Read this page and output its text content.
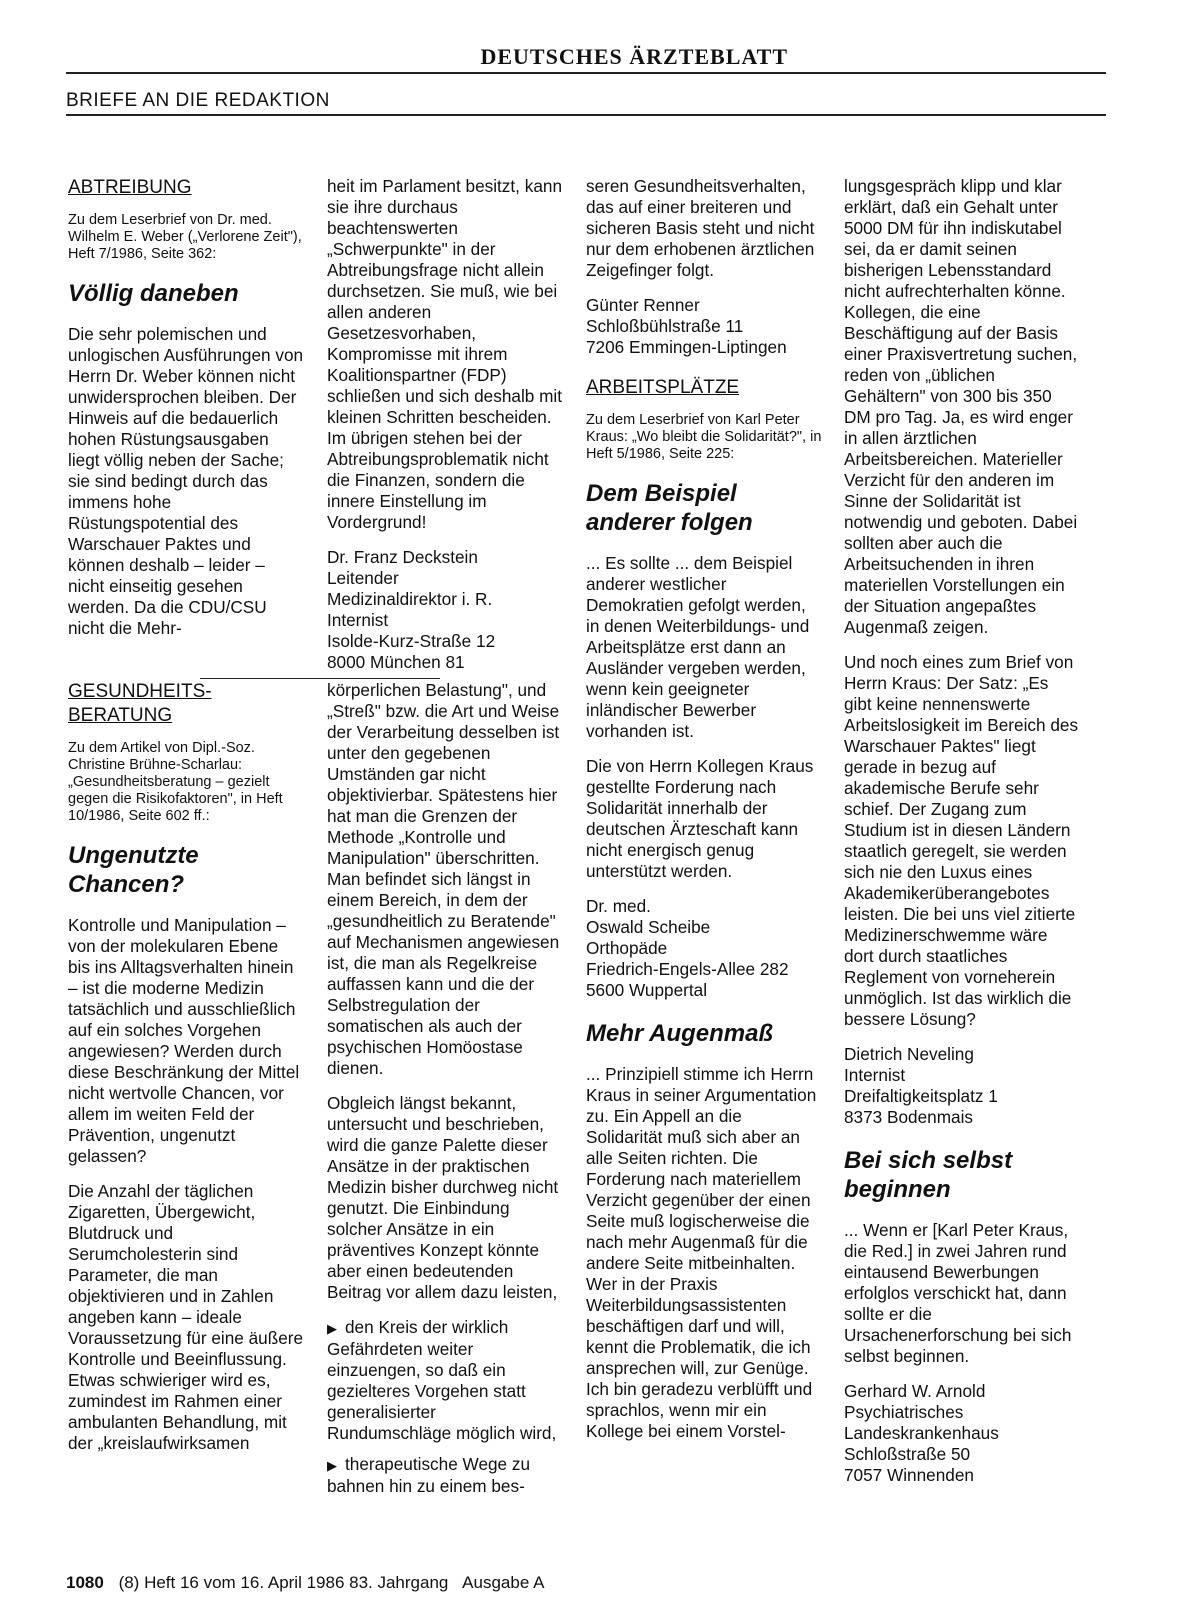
DEUTSCHES ÄRZTEBLATT
BRIEFE AN DIE REDAKTION
ABTREIBUNG
Zu dem Leserbrief von Dr. med. Wilhelm E. Weber („Verlorene Zeit"), Heft 7/1986, Seite 362:
Völlig daneben

Die sehr polemischen und unlogischen Ausführungen von Herrn Dr. Weber können nicht unwidersprochen bleiben. Der Hinweis auf die bedauerlich hohen Rüstungsausgaben liegt völlig neben der Sache; sie sind bedingt durch das immens hohe Rüstungspotential des Warschauer Paktes und können deshalb – leider – nicht einseitig gesehen werden. Da die CDU/CSU nicht die Mehr-

heit im Parlament besitzt, kann sie ihre durchaus beachtenswerten „Schwerpunkte" in der Abtreibungsfrage nicht allein durchsetzen. Sie muß, wie bei allen anderen Gesetzesvorhaben, Kompromisse mit ihrem Koalitionspartner (FDP) schließen und sich deshalb mit kleinen Schritten bescheiden. Im übrigen stehen bei der Abtreibungsproblematik nicht die Finanzen, sondern die innere Einstellung im Vordergrund!

Dr. Franz Deckstein
Leitender
Medizinaldirektor i. R.
Internist
Isolde-Kurz-Straße 12
8000 München 81
GESUNDHEITS-BERATUNG
Zu dem Artikel von Dipl.-Soz. Christine Brühne-Scharlau: „Gesundheitsberatung – gezielt gegen die Risikofaktoren", in Heft 10/1986, Seite 602 ff.:
Ungenutzte Chancen?

Kontrolle und Manipulation – von der molekularen Ebene bis ins Alltagsverhalten hinein – ist die moderne Medizin tatsächlich und ausschließlich auf ein solches Vorgehen angewiesen? Werden durch diese Beschränkung der Mittel nicht wertvolle Chancen, vor allem im weiten Feld der Prävention, ungenutzt gelassen?

Die Anzahl der täglichen Zigaretten, Übergewicht, Blutdruck und Serumcholesterin sind Parameter, die man objektivieren und in Zahlen angeben kann – ideale Voraussetzung für eine äußere Kontrolle und Beeinflussung. Etwas schwieriger wird es, zumindest im Rahmen einer ambulanten Behandlung, mit der „kreislaufwirksamen

körperlichen Belastung", und „Streß" bzw. die Art und Weise der Verarbeitung desselben ist unter den gegebenen Umständen gar nicht objektivierbar. Spätestens hier hat man die Grenzen der Methode „Kontrolle und Manipulation" überschritten. Man befindet sich längst in einem Bereich, in dem der „gesundheitlich zu Beratende" auf Mechanismen angewiesen ist, die man als Regelkreise auffassen kann und die der Selbstregulation der somatischen als auch der psychischen Homöostase dienen.

Obgleich längst bekannt, untersucht und beschrieben, wird die ganze Palette dieser Ansätze in der praktischen Medizin bisher durchweg nicht genutzt. Die Einbindung solcher Ansätze in ein präventives Konzept könnte aber einen bedeutenden Beitrag vor allem dazu leisten,

▶ den Kreis der wirklich Gefährdeten weiter einzuengen, so daß ein gezielteres Vorgehen statt generalisierter Rundumschläge möglich wird,

▶ therapeutische Wege zu bahnen hin zu einem bes-

seren Gesundheitsverhalten, das auf einer breiteren und sicheren Basis steht und nicht nur dem erhobenen ärztlichen Zeigefinger folgt.

Günter Renner
Schloßbühlstraße 11
7206 Emmingen-Liptingen
ARBEITSPLÄTZE
Zu dem Leserbrief von Karl Peter Kraus: „Wo bleibt die Solidarität?", in Heft 5/1986, Seite 225:
Dem Beispiel anderer folgen

... Es sollte ... dem Beispiel anderer westlicher Demokratien gefolgt werden, in denen Weiterbildungs- und Arbeitsplätze erst dann an Ausländer vergeben werden, wenn kein geeigneter inländischer Bewerber vorhanden ist.

Die von Herrn Kollegen Kraus gestellte Forderung nach Solidarität innerhalb der deutschen Ärzteschaft kann nicht energisch genug unterstützt werden.

Dr. med.
Oswald Scheibe
Orthopäde
Friedrich-Engels-Allee 282
5600 Wuppertal
Mehr Augenmaß

... Prinzipiell stimme ich Herrn Kraus in seiner Argumentation zu. Ein Appell an die Solidarität muß sich aber an alle Seiten richten. Die Forderung nach materiellem Verzicht gegenüber der einen Seite muß logischerweise die nach mehr Augenmaß für die andere Seite mitbeinhalten. Wer in der Praxis Weiterbildungsassistenten beschäftigen darf und will, kennt die Problematik, die ich ansprechen will, zur Genüge. Ich bin geradezu verblüfft und sprachlos, wenn mir ein Kollege bei einem Vorstel-

lungsgespräch klipp und klar erklärt, daß ein Gehalt unter 5000 DM für ihn indiskutabel sei, da er damit seinen bisherigen Lebensstandard nicht aufrechterhalten könne. Kollegen, die eine Beschäftigung auf der Basis einer Praxisvertretung suchen, reden von „üblichen Gehältern" von 300 bis 350 DM pro Tag. Ja, es wird enger in allen ärztlichen Arbeitsbereichen. Materieller Verzicht für den anderen im Sinne der Solidarität ist notwendig und geboten. Dabei sollten aber auch die Arbeitsuchenden in ihren materiellen Vorstellungen ein der Situation angepaßtes Augenmaß zeigen.

Und noch eines zum Brief von Herrn Kraus: Der Satz: „Es gibt keine nennenswerte Arbeitslosigkeit im Bereich des Warschauer Paktes" liegt gerade in bezug auf akademische Berufe sehr schief. Der Zugang zum Studium ist in diesen Ländern staatlich geregelt, sie werden sich nie den Luxus eines Akademikerüberangebotes leisten. Die bei uns viel zitierte Medizinerschwemme wäre dort durch staatliches Reglement von vorneherein unmöglich. Ist das wirklich die bessere Lösung?

Dietrich Neveling
Internist
Dreifaltigkeitsplatz 1
8373 Bodenmais
Bei sich selbst beginnen

... Wenn er [Karl Peter Kraus, die Red.] in zwei Jahren rund eintausend Bewerbungen erfolglos verschickt hat, dann sollte er die Ursachenerforschung bei sich selbst beginnen.

Gerhard W. Arnold
Psychiatrisches
Landeskrankenhaus
Schloßstraße 50
7057 Winnenden
1080 (8) Heft 16 vom 16. April 1986 83. Jahrgang Ausgabe A
